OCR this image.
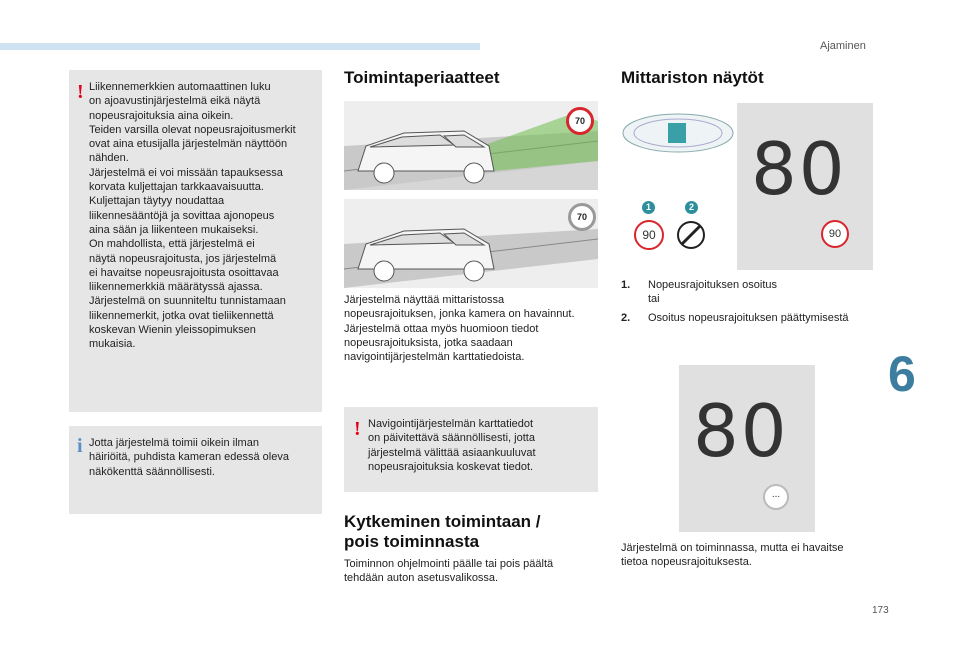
Ajaminen
6
173
! Liikennemerkkien automaattinen luku
on ajoavustinjärjestelmä eikä näytä
nopeusrajoituksia aina oikein.
Teiden varsilla olevat nopeusrajoitusmerkit
ovat aina etusijalla järjestelmän näyttöön
nähden.
Järjestelmä ei voi missään tapauksessa
korvata kuljettajan tarkkaavaisuutta.
Kuljettajan täytyy noudattaa
liikennesääntöjä ja sovittaa ajonopeus
aina sään ja liikenteen mukaiseksi.
On mahdollista, että järjestelmä ei
näytä nopeusrajoitusta, jos järjestelmä
ei havaitse nopeusrajoitusta osoittavaa
liikennemerkkiä määrätyssä ajassa.
Järjestelmä on suunniteltu tunnistamaan
liikennemerkit, jotka ovat tieliikennettä
koskevan Wienin yleissopimuksen
mukaisia.
i Jotta järjestelmä toimii oikein ilman
häiriöitä, puhdista kameran edessä oleva
näkökenttä säännöllisesti.
Toimintaperiaatteet
70
70
Järjestelmä näyttää mittaristossa
nopeusrajoituksen, jonka kamera on havainnut.
Järjestelmä ottaa myös huomioon tiedot
nopeusrajoituksista, jotka saadaan
navigointijärjestelmän karttatiedoista.
! Navigointijärjestelmän karttatiedot
on päivitettävä säännöllisesti, jotta
järjestelmä välittää asiaankuuluvat
nopeusrajoituksia koskevat tiedot.
Kytkeminen toimintaan /
pois toiminnasta
Toiminnon ohjelmointi päälle tai pois päältä
tehdään auton asetusvalikossa.
Mittariston näytöt
1	2
90
80
90
1. Nopeusrajoituksen osoitus
tai
2. Osoitus nopeusrajoituksen päättymisestä
80
...
Järjestelmä on toiminnassa, mutta ei havaitse
tietoa nopeusrajoituksesta.
